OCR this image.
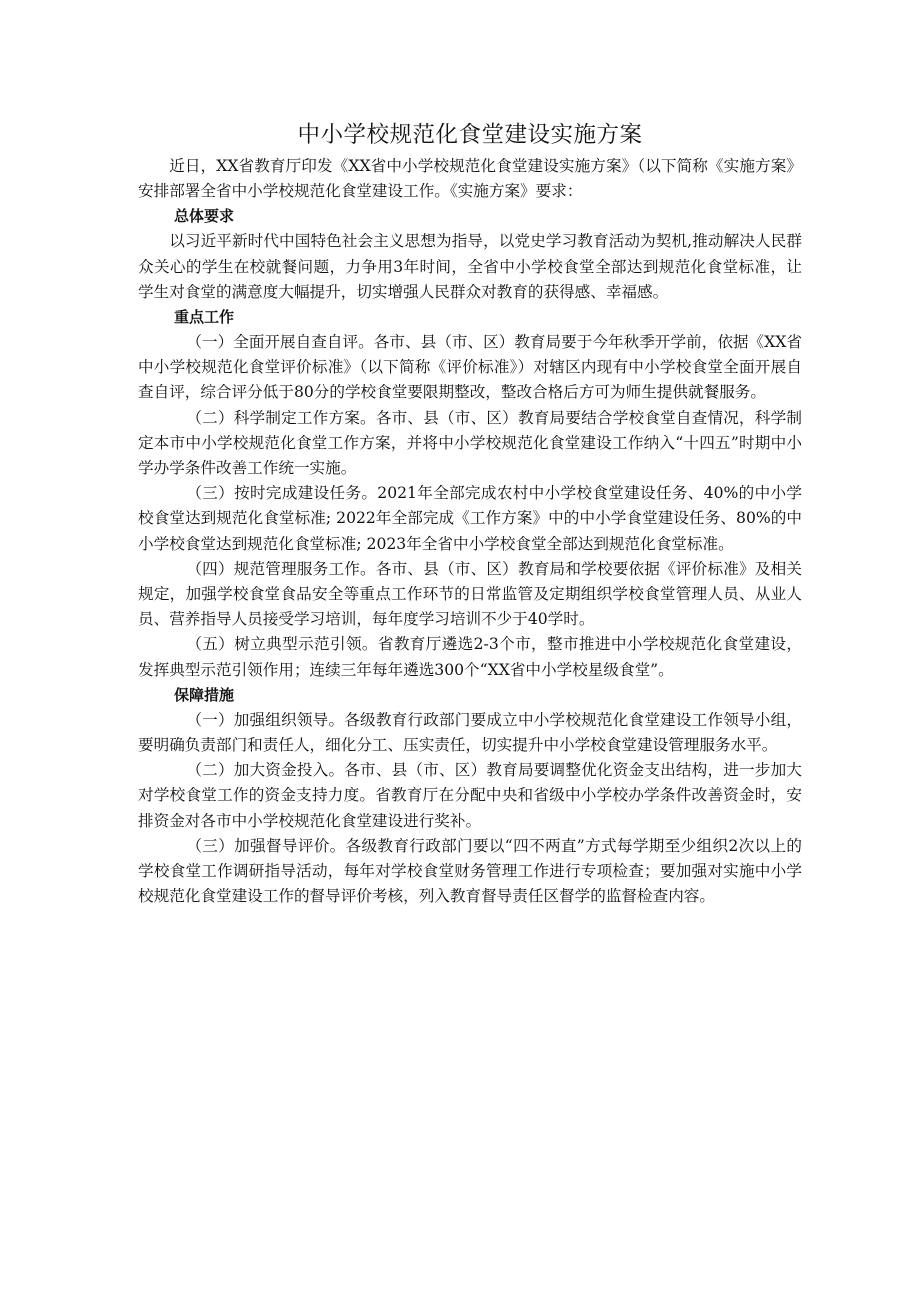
中小学校规范化食堂建设实施方案

近日，XX省教育厅印发《XX省中小学校规范化食堂建设实施方案》（以下简称《实施方案》安排部署全省中小学校规范化食堂建设工作。《实施方案》要求：

总体要求

以习近平新时代中国特色社会主义思想为指导，以党史学习教育活动为契机,推动解决人民群众关心的学生在校就餐问题，力争用3年时间，全省中小学校食堂全部达到规范化食堂标准，让学生对食堂的满意度大幅提升，切实增强人民群众对教育的获得感、幸福感。

重点工作

（一）全面开展自查自评。各市、县（市、区）教育局要于今年秋季开学前，依据《XX省中小学校规范化食堂评价标准》（以下简称《评价标准》）对辖区内现有中小学校食堂全面开展自查自评，综合评分低于80分的学校食堂要限期整改，整改合格后方可为师生提供就餐服务。

（二）科学制定工作方案。各市、县（市、区）教育局要结合学校食堂自查情况，科学制定本市中小学校规范化食堂工作方案，并将中小学校规范化食堂建设工作纳入“十四五”时期中小学办学条件改善工作统一实施。

（三）按时完成建设任务。2021年全部完成农村中小学校食堂建设任务、40%的中小学校食堂达到规范化食堂标准; 2022年全部完成《工作方案》中的中小学食堂建设任务、80%的中小学校食堂达到规范化食堂标准; 2023年全省中小学校食堂全部达到规范化食堂标准。

（四）规范管理服务工作。各市、县（市、区）教育局和学校要依据《评价标准》及相关规定，加强学校食堂食品安全等重点工作环节的日常监管及定期组织学校食堂管理人员、从业人员、营养指导人员接受学习培训，每年度学习培训不少于40学时。

（五）树立典型示范引领。省教育厅遴选2-3个市，整市推进中小学校规范化食堂建设，发挥典型示范引领作用；连续三年每年遴选300个“XX省中小学校星级食堂”。

保障措施

（一）加强组织领导。各级教育行政部门要成立中小学校规范化食堂建设工作领导小组，要明确负责部门和责任人，细化分工、压实责任，切实提升中小学校食堂建设管理服务水平。

（二）加大资金投入。各市、县（市、区）教育局要调整优化资金支出结构，进一步加大对学校食堂工作的资金支持力度。省教育厅在分配中央和省级中小学校办学条件改善资金时，安排资金对各市中小学校规范化食堂建设进行奖补。

（三）加强督导评价。各级教育行政部门要以“四不两直”方式每学期至少组织2次以上的学校食堂工作调研指导活动，每年对学校食堂财务管理工作进行专项检查；要加强对实施中小学校规范化食堂建设工作的督导评价考核，列入教育督导责任区督学的监督检查内容。
